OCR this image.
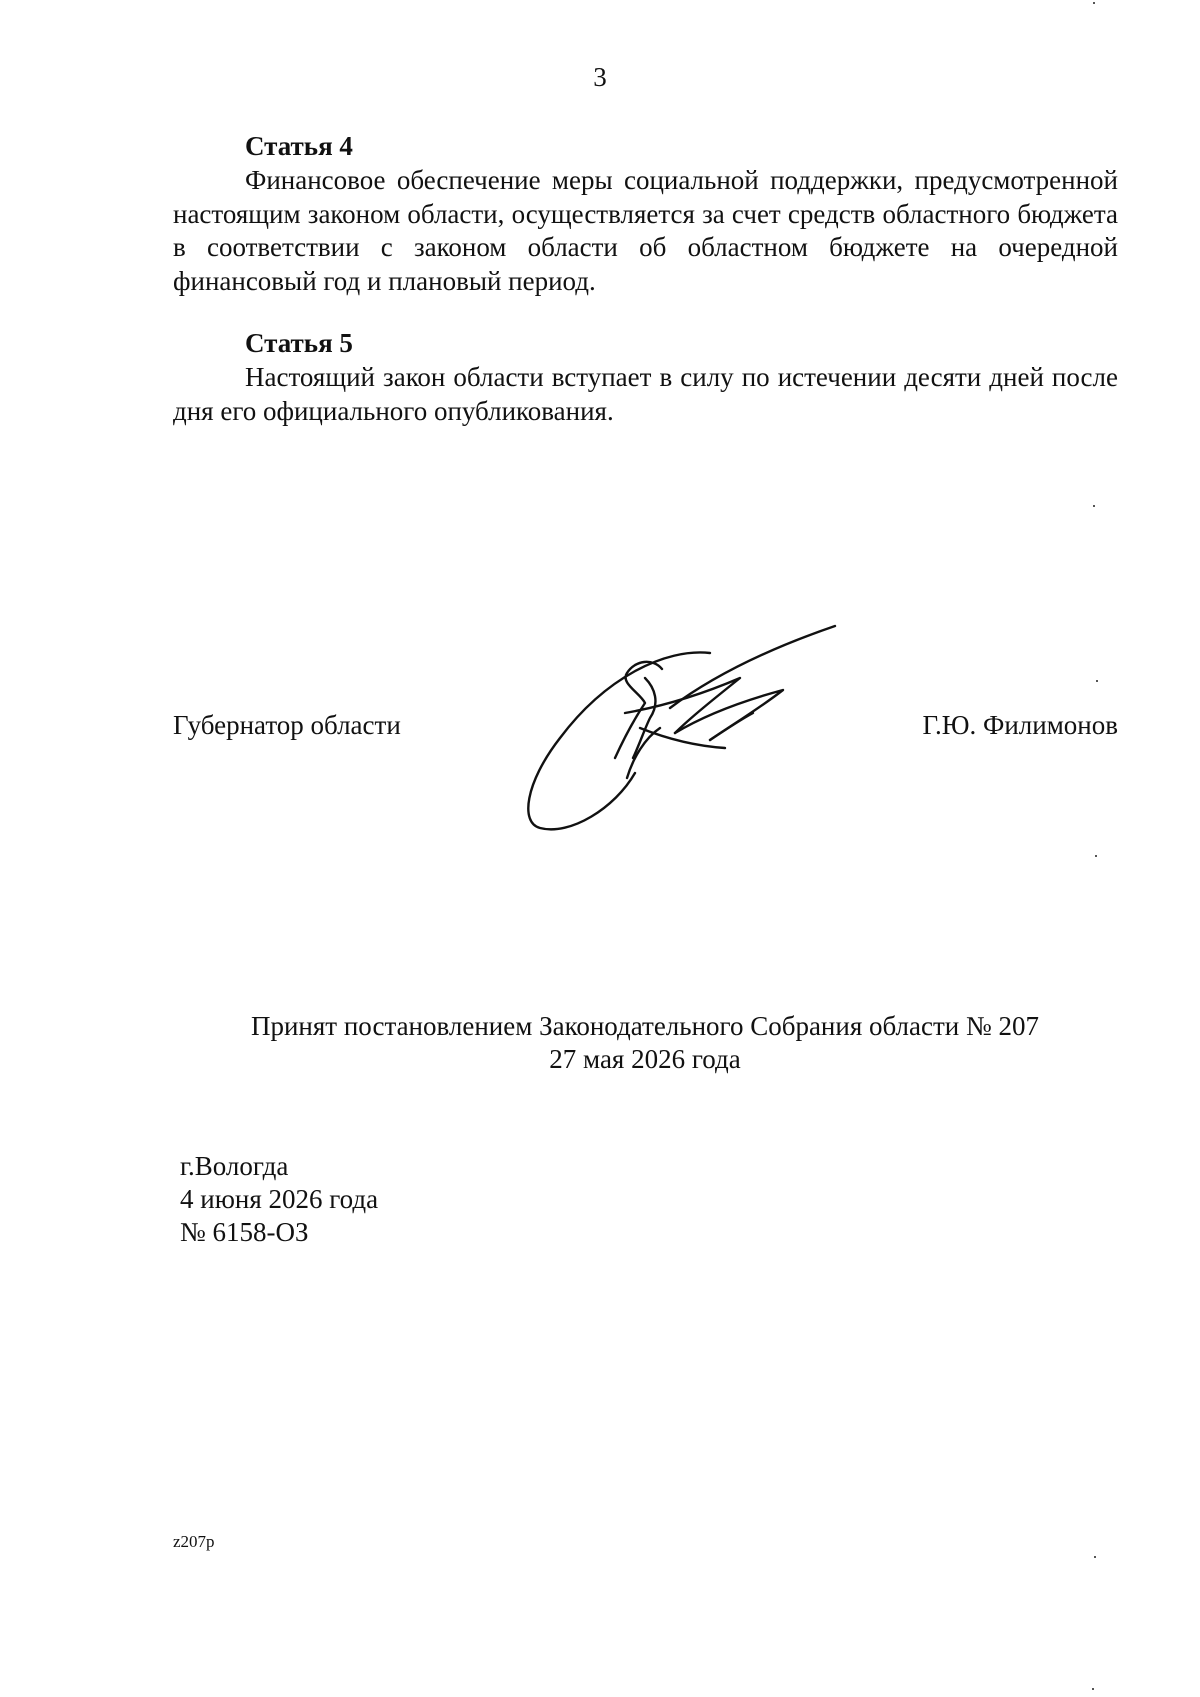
3
Статья 4

Финансовое обеспечение меры социальной поддержки, предусмотренной настоящим законом области, осуществляется за счет средств областного бюджета в соответствии с законом области об областном бюджете на очередной финансовый год и плановый период.

Статья 5

Настоящий закон области вступает в силу по истечении десяти дней после дня его официального опубликования.

Губернатор области	Г.Ю. Филимонов
Принят постановлением Законодательного Собрания области № 207
27 мая 2026 года
г.Вологда
4 июня 2026 года
№ 6158-ОЗ
z207p
